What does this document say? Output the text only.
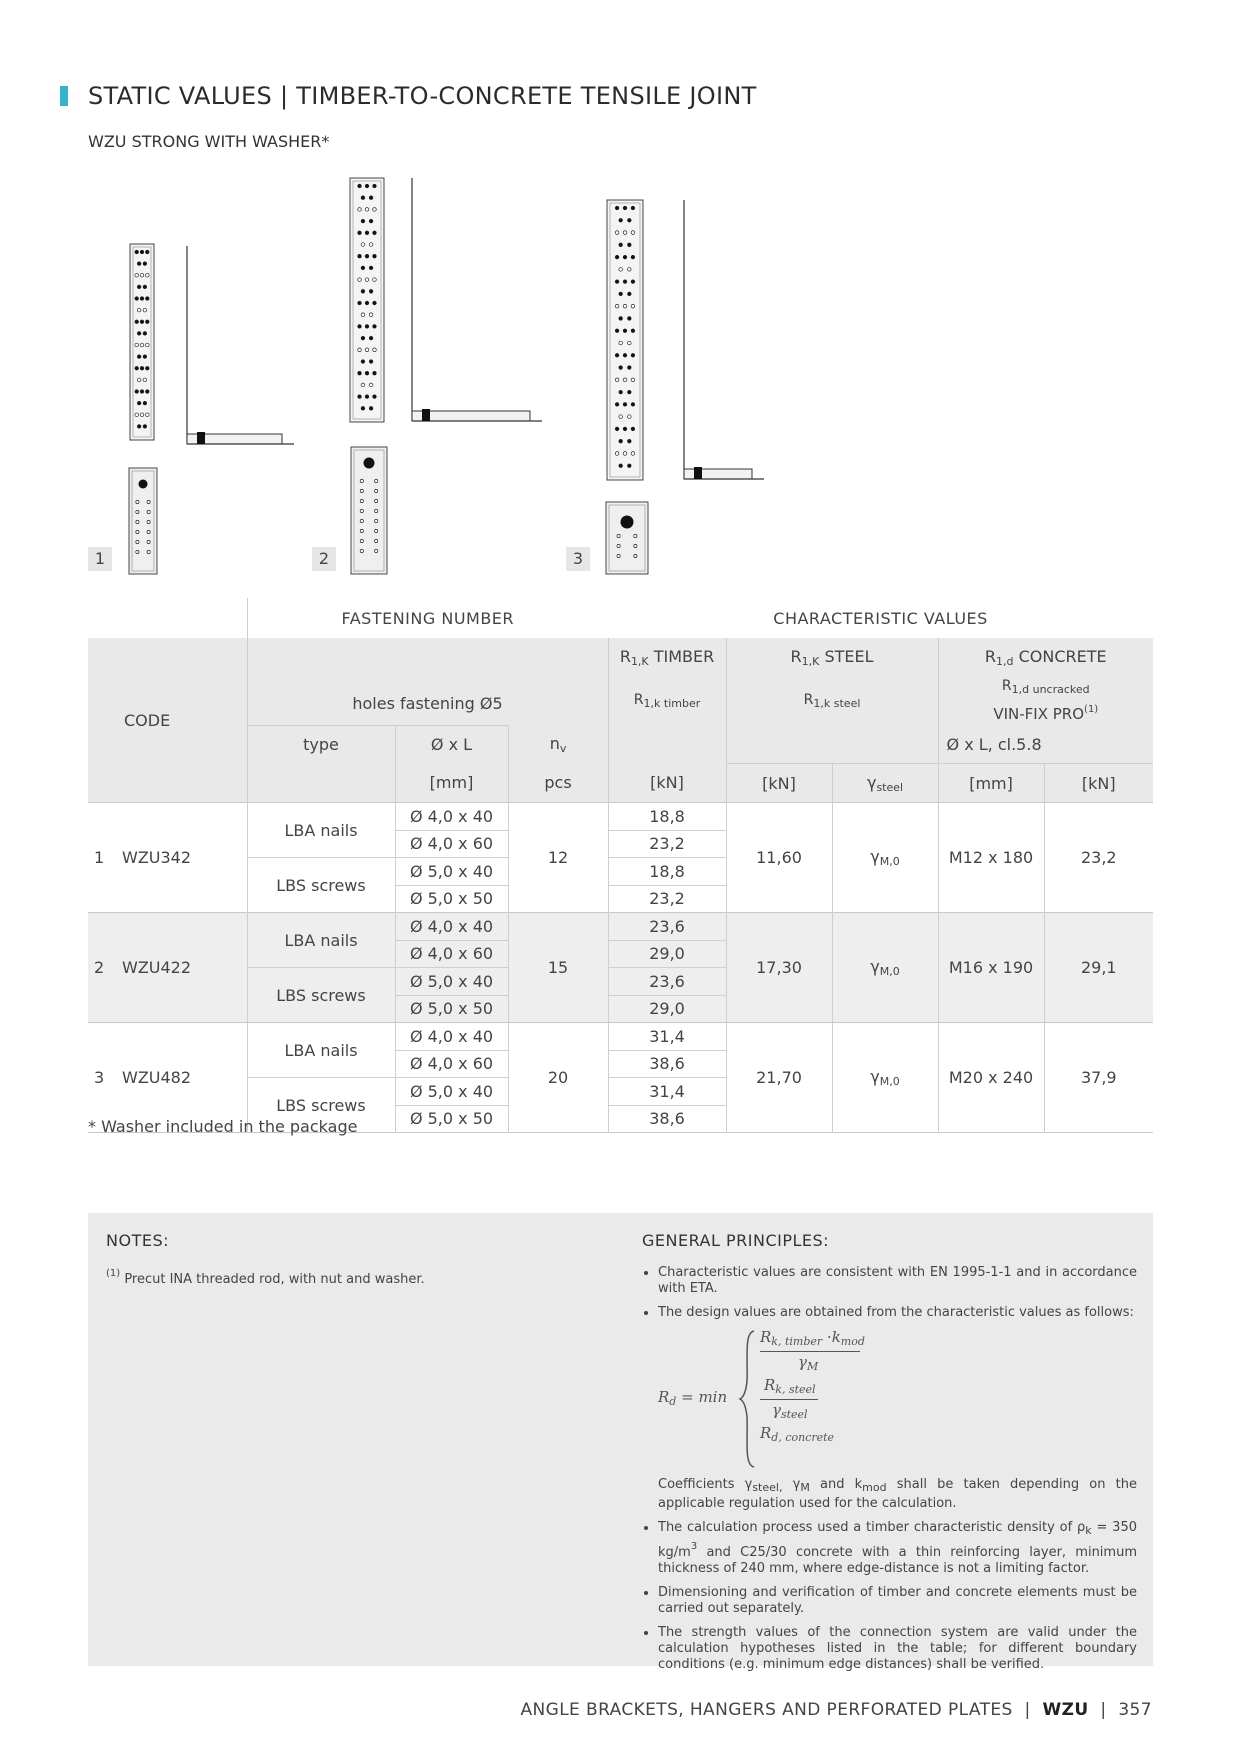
STATIC VALUES | TIMBER-TO-CONCRETE TENSILE JOINT
WZU STRONG WITH WASHER*
1	2	3
	FASTENING NUMBER			CHARACTERISTIC VALUES				
CODE	holes fastening Ø5			$R_{1,K}$ TIMBER	$R_{1,K}$ STEEL		$R_{1,d}$ CONCRETE	
				$R_{1,k timber}$	$R_{1,k steel}$		$R_{1,d uncracked}$
VIN-FIX PRO$^{(1)}$
	type	Ø x L	$n_v$				Ø x L, cl.5.8	
		[mm]	pcs	[kN]	[kN]	$\gamma_{steel}$	[mm]	[kN]
1 WZU342	LBA nails	Ø 4,0 x 40	12	18,8	11,60	$\gamma_{M,0}$	M12 x 180	23,2
		Ø 4,0 x 60		23,2				
	LBS screws	Ø 5,0 x 40		18,8				
		Ø 5,0 x 50		23,2				
2 WZU422	LBA nails	Ø 4,0 x 40	15	23,6	17,30	$\gamma_{M,0}$	M16 x 190	29,1
		Ø 4,0 x 60		29,0				
	LBS screws	Ø 5,0 x 40		23,6				
		Ø 5,0 x 50		29,0				
3 WZU482	LBA nails	Ø 4,0 x 40	20	31,4	21,70	$\gamma_{M,0}$	M20 x 240	37,9
		Ø 4,0 x 60		38,6				
	LBS screws	Ø 5,0 x 40		31,4				
		Ø 5,0 x 50		38,6				

* Washer included in the package
NOTES:
$^{(1)}$ Precut INA threaded rod, with nut and washer.
GENERAL PRINCIPLES:
• Characteristic values are consistent with EN 1995-1-1 and in accordance with ETA.
• The design values are obtained from the characteristic values as follows:
$R_d = \min$
$R_{k, timber} \cdot k_{mod}$
$\gamma_M$
$R_{k, steel}$
$\gamma_{steel}$
$R_{d, concrete}$
Coefficients $\gamma_{steel,}$ $\gamma_M$ and $k_{mod}$ shall be taken depending on the applicable regulation used for the calculation.
• The calculation process used a timber characteristic density of $\rho_k = 350$ $kg/m^3$ and C25/30 concrete with a thin reinforcing layer, minimum thickness of 240 mm, where edge-distance is not a limiting factor.
• Dimensioning and verification of timber and concrete elements must be carried out separately.
• The strength values of the connection system are valid under the calculation hypotheses listed in the table; for different boundary conditions (e.g. minimum edge distances) shall be verified.
ANGLE BRACKETS, HANGERS AND PERFORATED PLATES | WZU | 357
